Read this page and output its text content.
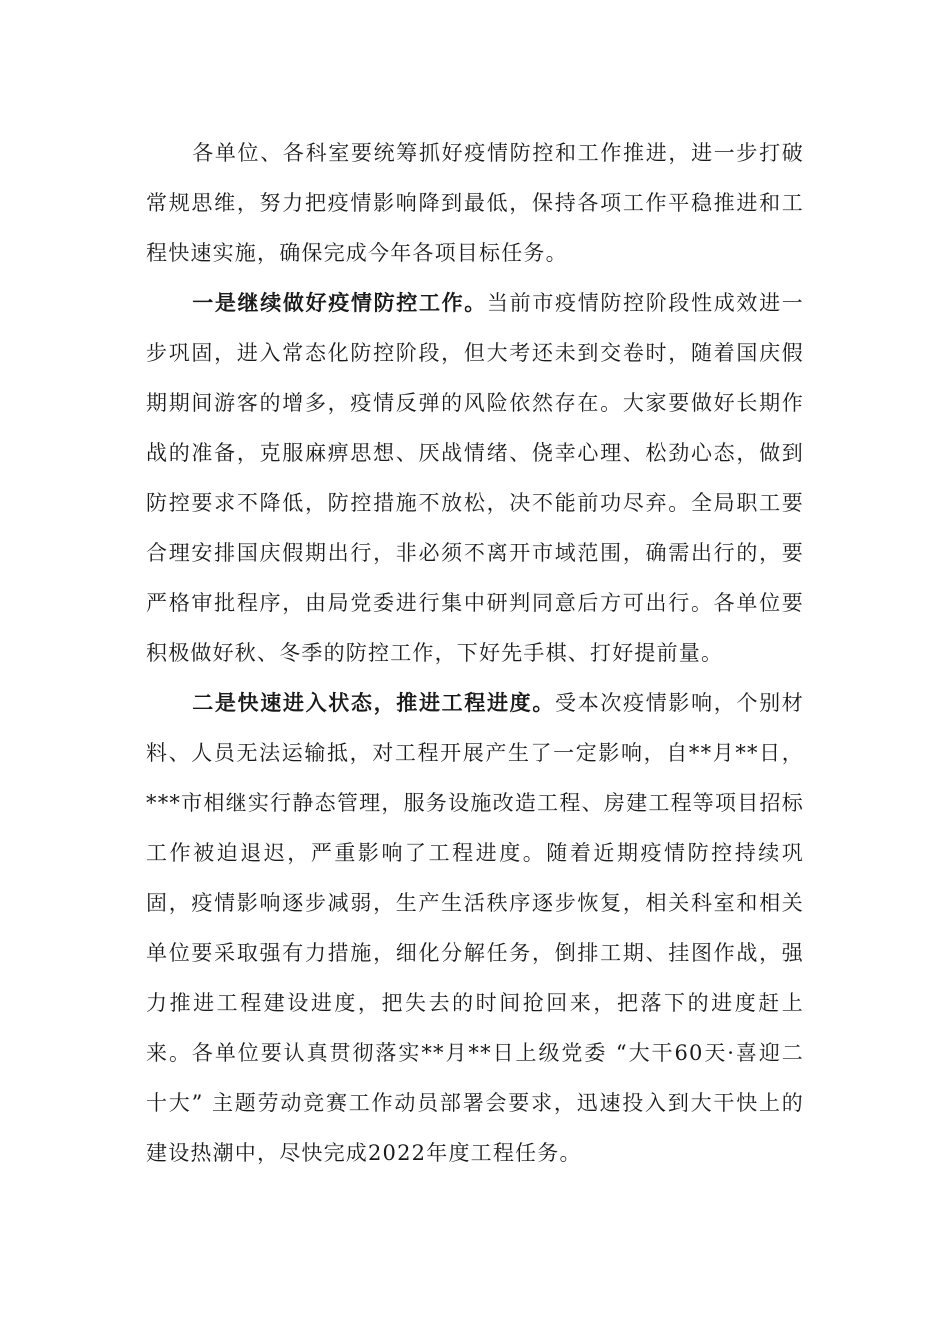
各单位、各科室要统筹抓好疫情防控和工作推进，进一步打破常规思维，努力把疫情影响降到最低，保持各项工作平稳推进和工程快速实施，确保完成今年各项目标任务。

一是继续做好疫情防控工作。当前市疫情防控阶段性成效进一步巩固，进入常态化防控阶段，但大考还未到交卷时，随着国庆假期期间游客的增多，疫情反弹的风险依然存在。大家要做好长期作战的准备，克服麻痹思想、厌战情绪、侥幸心理、松劲心态，做到防控要求不降低，防控措施不放松，决不能前功尽弃。全局职工要合理安排国庆假期出行，非必须不离开市域范围，确需出行的，要严格审批程序，由局党委进行集中研判同意后方可出行。各单位要积极做好秋、冬季的防控工作，下好先手棋、打好提前量。

二是快速进入状态，推进工程进度。受本次疫情影响，个别材料、人员无法运输抵，对工程开展产生了一定影响，自**月**日，***市相继实行静态管理，服务设施改造工程、房建工程等项目招标工作被迫退迟，严重影响了工程进度。随着近期疫情防控持续巩固，疫情影响逐步减弱，生产生活秩序逐步恢复，相关科室和相关单位要采取强有力措施，细化分解任务，倒排工期、挂图作战，强力推进工程建设进度，把失去的时间抢回来，把落下的进度赶上来。各单位要认真贯彻落实**月**日上级党委 “大干60天·喜迎二十大” 主题劳动竞赛工作动员部署会要求，迅速投入到大干快上的建设热潮中，尽快完成2022年度工程任务。
